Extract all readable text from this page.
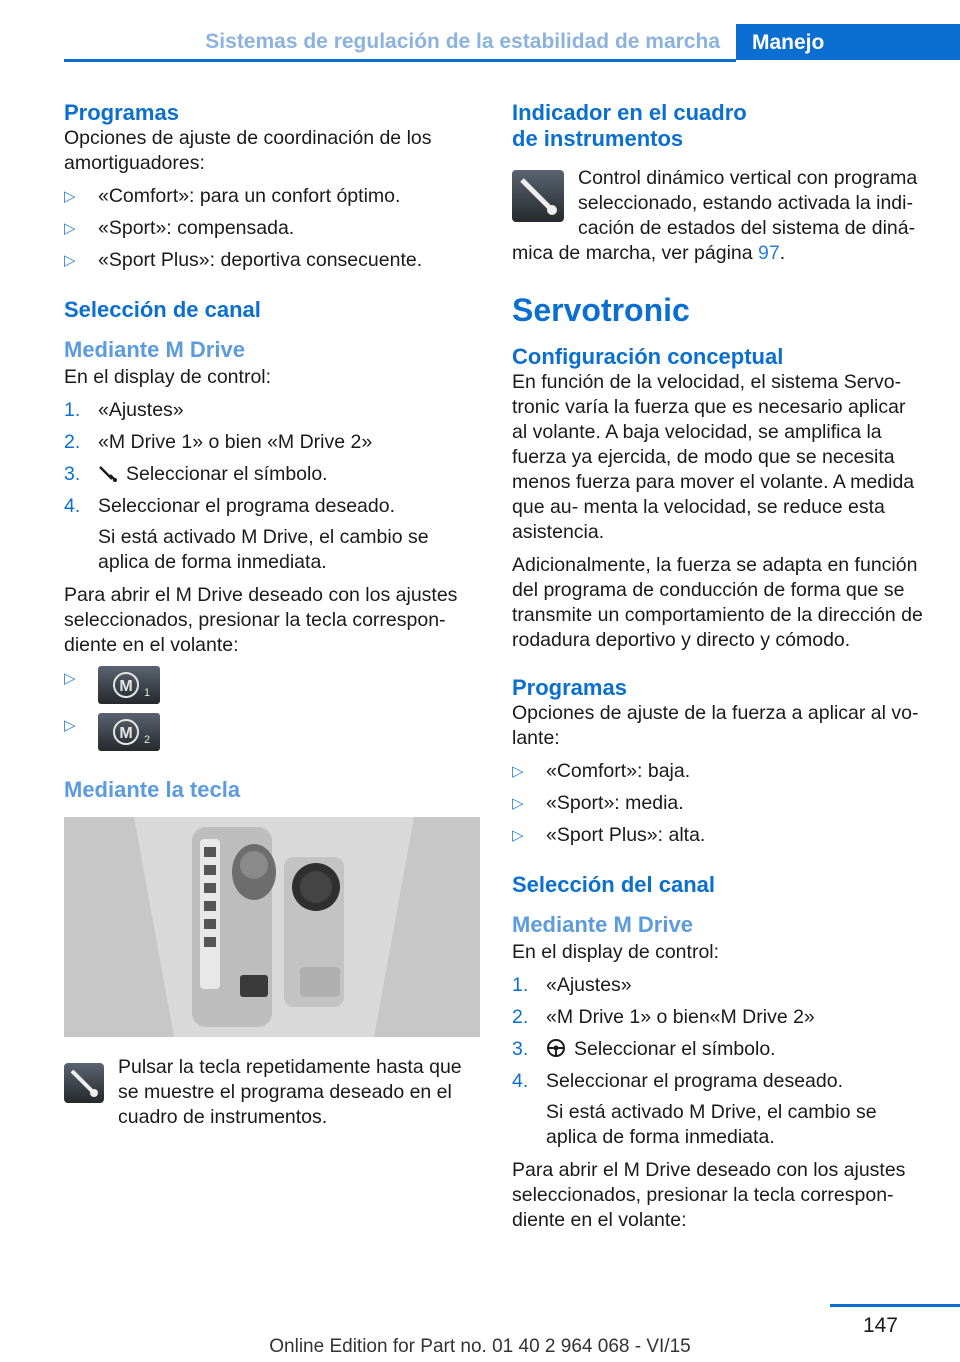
Sistemas de regulación de la estabilidad de marcha	Manejo
Programas

Opciones de ajuste de coordinación de los amortiguadores:

▷ «Comfort»: para un confort óptimo.
▷ «Sport»: compensada.
▷ «Sport Plus»: deportiva consecuente.
Selección de canal
Mediante M Drive

En el display de control:

1. «Ajustes»
2. «M Drive 1» o bien «M Drive 2»
3. Seleccionar el símbolo.
4. Seleccionar el programa deseado.
Si está activado M Drive, el cambio se aplica de forma inmediata.

Para abrir el M Drive deseado con los ajustes seleccionados, presionar la tecla correspon- diente en el volante:

▷	M 1
▷	M 2
Mediante la tecla

Pulsar la tecla repetidamente hasta que se muestre el programa deseado en el cuadro de instrumentos.

Indicador en el cuadro
de instrumentos

Control dinámico vertical con programa seleccionado, estando activada la indi- cación de estados del sistema de diná- mica de marcha, ver página 97.

Servotronic
Configuración conceptual

En función de la velocidad, el sistema Servo- tronic varía la fuerza que es necesario aplicar al volante. A baja velocidad, se amplifica la fuerza ya ejercida, de modo que se necesita menos fuerza para mover el volante. A medida que au- menta la velocidad, se reduce esta asistencia.

Adicionalmente, la fuerza se adapta en función del programa de conducción de forma que se transmite un comportamiento de la dirección de rodadura deportivo y directo y cómodo.

Programas

Opciones de ajuste de la fuerza a aplicar al vo- lante:

▷ «Comfort»: baja.
▷ «Sport»: media.
▷ «Sport Plus»: alta.
Selección del canal
Mediante M Drive

En el display de control:

1. «Ajustes»
2. «M Drive 1» o bien«M Drive 2»
3. Seleccionar el símbolo.
4. Seleccionar el programa deseado.
Si está activado M Drive, el cambio se aplica de forma inmediata.

Para abrir el M Drive deseado con los ajustes seleccionados, presionar la tecla correspon- diente en el volante:

147
Online Edition for Part no. 01 40 2 964 068 - VI/15
